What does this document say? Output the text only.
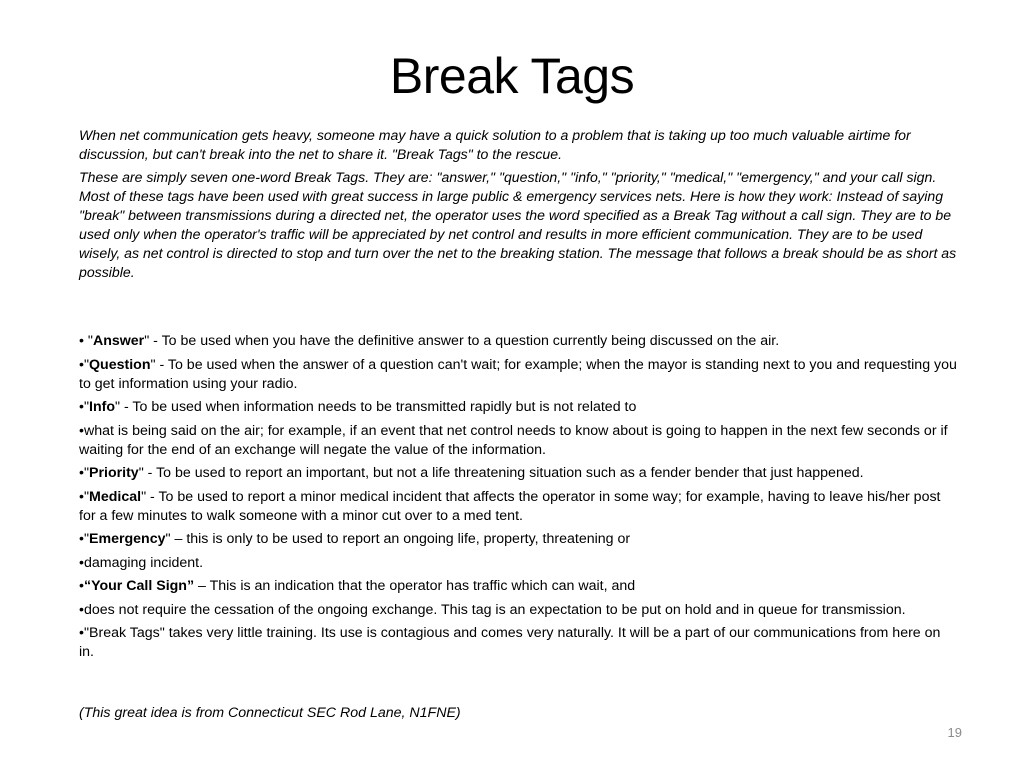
Break Tags

When net communication gets heavy, someone may have a quick solution to a problem that is taking up too much valuable airtime for discussion, but can't break into the net to share it. "Break Tags" to the rescue.

These are simply seven one-word Break Tags. They are: "answer," "question," "info," "priority," "medical," "emergency," and your call sign. Most of these tags have been used with great success in large public & emergency services nets. Here is how they work: Instead of saying "break" between transmissions during a directed net, the operator uses the word specified as a Break Tag without a call sign. They are to be used only when the operator's traffic will be appreciated by net control and results in more efficient communication. They are to be used wisely, as net control is directed to stop and turn over the net to the breaking station. The message that follows a break should be as short as possible.

• "Answer" - To be used when you have the definitive answer to a question currently being discussed on the air.

•"Question" - To be used when the answer of a question can't wait; for example; when the mayor is standing next to you and requesting you to get information using your radio.

•"Info" - To be used when information needs to be transmitted rapidly but is not related to

•what is being said on the air; for example, if an event that net control needs to know about is going to happen in the next few seconds or if waiting for the end of an exchange will negate the value of the information.

•"Priority" - To be used to report an important, but not a life threatening situation such as a fender bender that just happened.

•"Medical" - To be used to report a minor medical incident that affects the operator in some way; for example, having to leave his/her post for a few minutes to walk someone with a minor cut over to a med tent.

•"Emergency" – this is only to be used to report an ongoing life, property, threatening or

•damaging incident.

•“Your Call Sign” – This is an indication that the operator has traffic which can wait, and

•does not require the cessation of the ongoing exchange. This tag is an expectation to be put on hold and in queue for transmission.

•"Break Tags" takes very little training. Its use is contagious and comes very naturally. It will be a part of our communications from here on in.

(This great idea is from Connecticut SEC Rod Lane, N1FNE)
19
